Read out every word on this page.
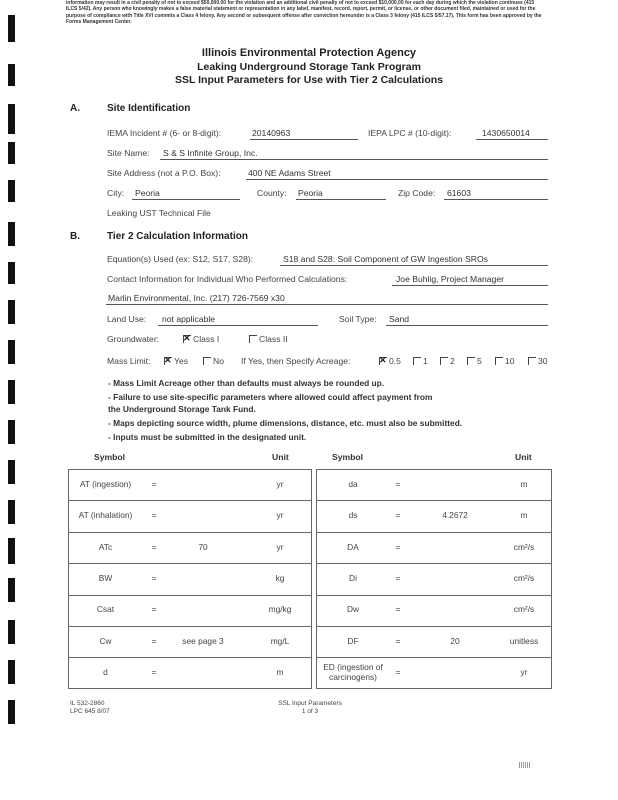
information may result in a civil penalty of not to exceed $50,000.00 for the violation and an additional civil penalty of not to exceed $10,000.00 for each day during which the violation continues (415 ILCS 5/42). Any person who knowingly makes a false material statement or representation in any label, manifest, record, report, permit, or license, or other document filed, maintained or used for the purpose of compliance with Title XVI commits a Class 4 felony. Any second or subsequent offense after conviction hereunder is a Class 3 felony (415 ILCS 5/57.17). This form has been approved by the Forms Management Center.
Illinois Environmental Protection Agency
Leaking Underground Storage Tank Program
SSL Input Parameters for Use with Tier 2 Calculations
A.	Site Identification
IEMA Incident # (6- or 8-digit):	20140963	IEPA LPC # (10-digit):	1430650014
Site Name: S & S Infinite Group, Inc.
Site Address (not a P.O. Box):	400 NE Adams Street
City: Peoria	County: Peoria	Zip Code: 61603
Leaking UST Technical File
B.	Tier 2 Calculation Information
Equation(s) Used (ex: S12, S17, S28):	S18 and S28: Soil Component of GW Ingestion SROs
Contact Information for Individual Who Performed Calculations:	Joe Buhlig, Project Manager
Marlin Environmental, Inc. (217) 726-7569 x30
Land Use: not applicable	Soil Type: Sand
Groundwater: ✕	Class I	Class II
Mass Limit: ✕	Yes	No If Yes, then Specify Acreage: ✕	0.5	1	2	5	10	30
- Mass Limit Acreage other than defaults must always be rounded up.
- Failure to use site-specific parameters where allowed could affect payment from
the Underground Storage Tank Fund.
- Maps depicting source width, plume dimensions, distance, etc. must also be submitted.
- Inputs must be submitted in the designated unit.
Symbol	Unit	Symbol	Unit
AT (ingestion)	=	yr
AT (inhalation)	=	yr
ATc	=	70	yr
BW	=	kg
Csat	=	mg/kg
Cw	=	see page 3	mg/L
d	=	m
da	=	m
ds	=	4.2672	m
DA	=	cm²/s
Di	=	cm²/s
Dw	=	cm²/s
DF	=	20	unitless
ED (ingestion of carcinogens)	=	yr
IL 532-2860
LPC 645 8/07
SSL Input Parameters
1 of 3
